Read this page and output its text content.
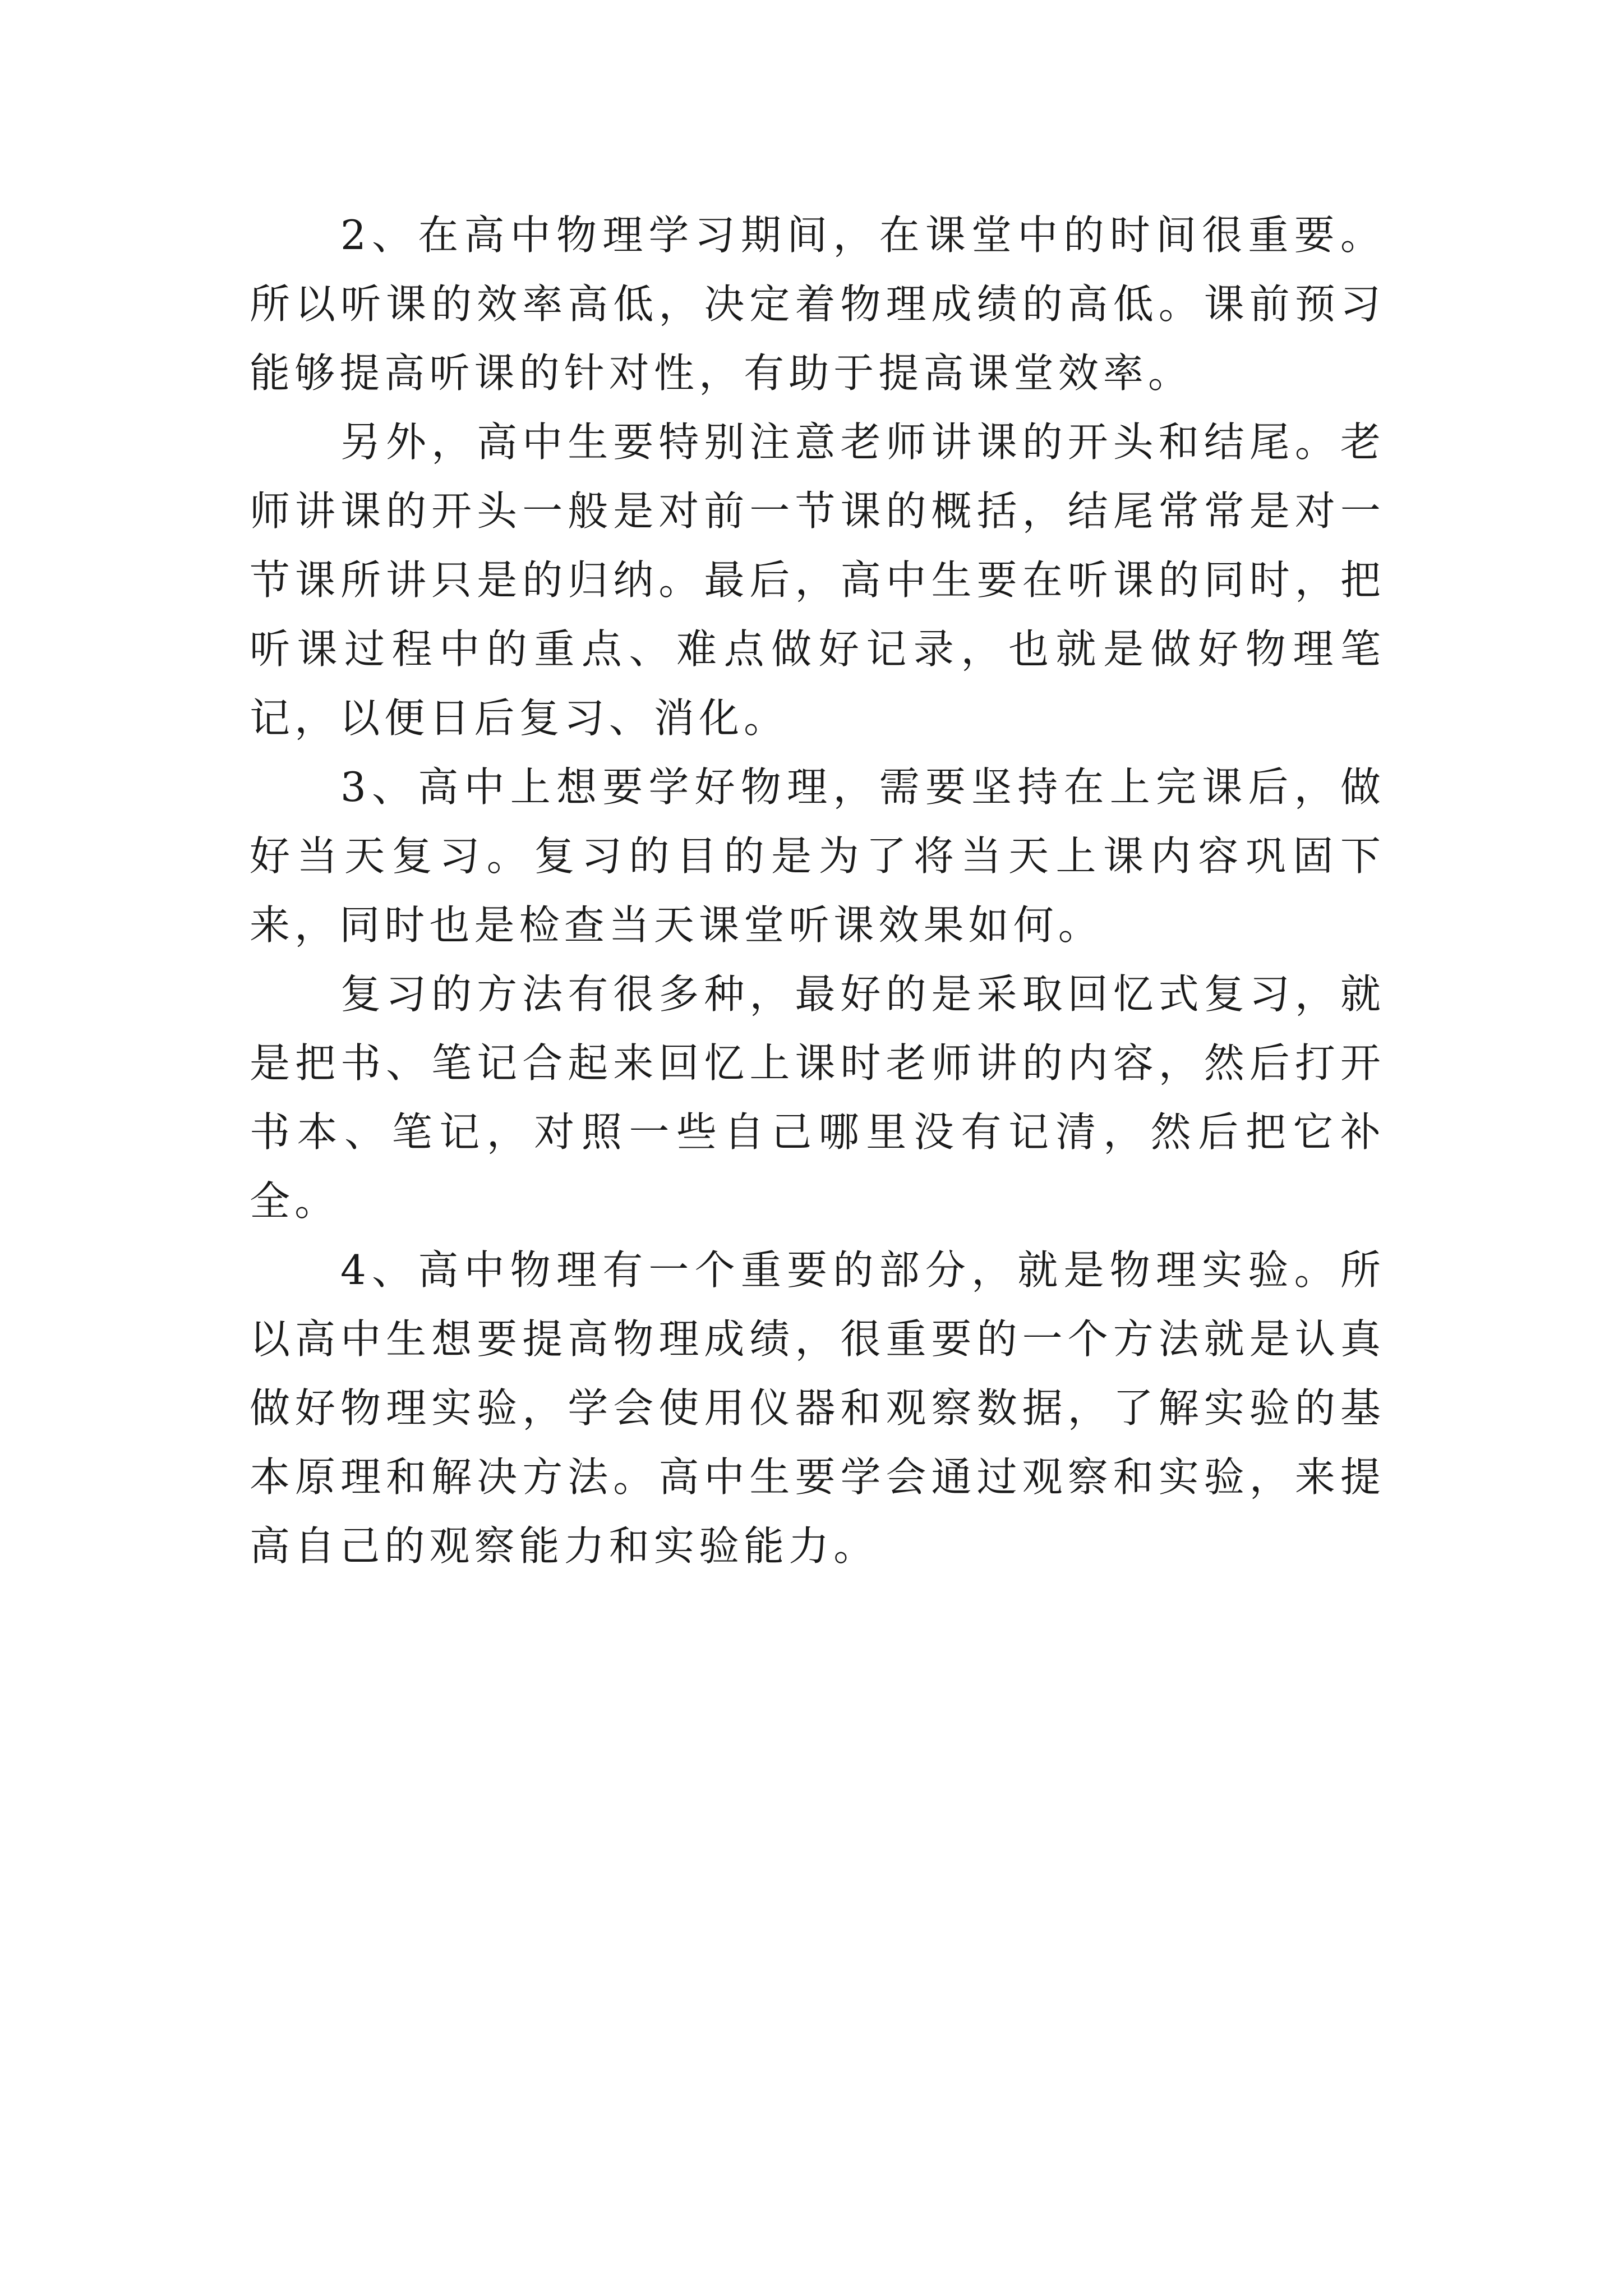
2、在高中物理学习期间，在课堂中的时间很重要。所以听课的效率高低，决定着物理成绩的高低。课前预习能够提高听课的针对性，有助于提高课堂效率。

另外，高中生要特别注意老师讲课的开头和结尾。老师讲课的开头一般是对前一节课的概括，结尾常常是对一节课所讲只是的归纳。最后，高中生要在听课的同时，把听课过程中的重点、难点做好记录，也就是做好物理笔记，以便日后复习、消化。

3、高中上想要学好物理，需要坚持在上完课后，做好当天复习。复习的目的是为了将当天上课内容巩固下来，同时也是检查当天课堂听课效果如何。

复习的方法有很多种，最好的是采取回忆式复习，就是把书、笔记合起来回忆上课时老师讲的内容，然后打开书本、笔记，对照一些自己哪里没有记清，然后把它补全。

4、高中物理有一个重要的部分，就是物理实验。所以高中生想要提高物理成绩，很重要的一个方法就是认真做好物理实验，学会使用仪器和观察数据，了解实验的基本原理和解决方法。高中生要学会通过观察和实验，来提高自己的观察能力和实验能力。
